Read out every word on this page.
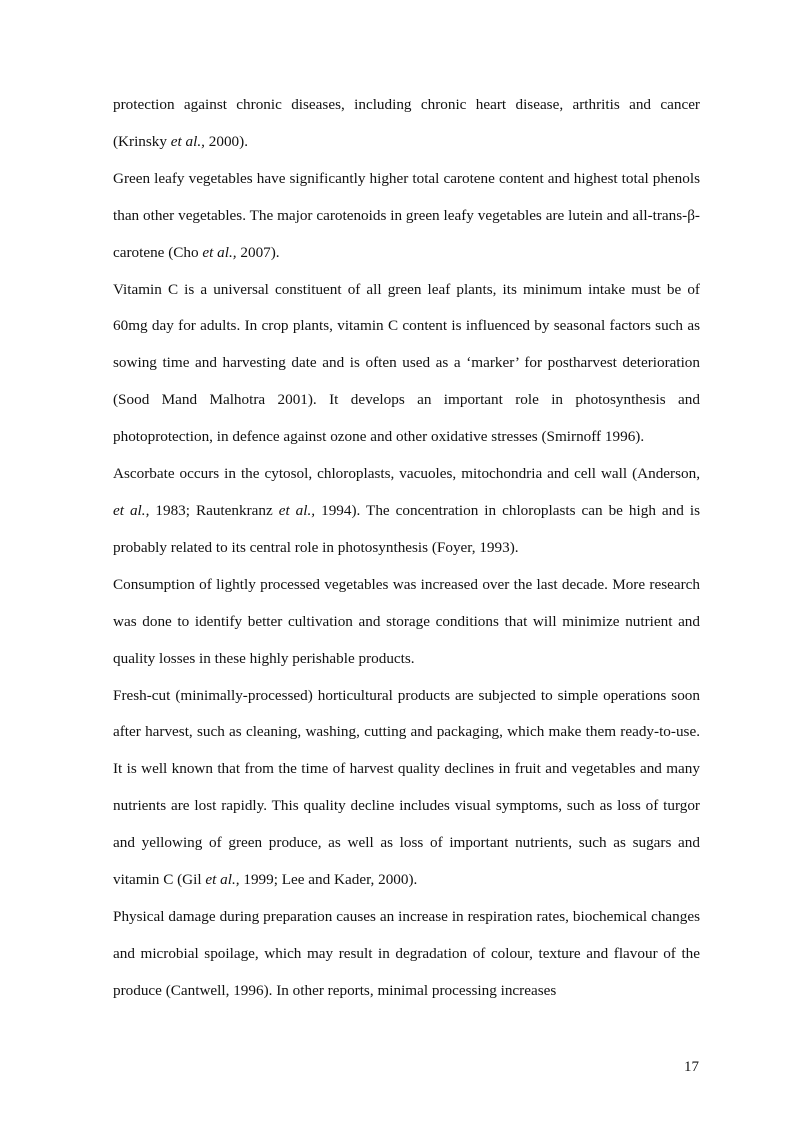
protection against chronic diseases, including chronic heart disease, arthritis and cancer (Krinsky et al., 2000).

Green leafy vegetables have significantly higher total carotene content and highest total phenols than other vegetables. The major carotenoids in green leafy vegetables are lutein and all-trans-β-carotene (Cho et al., 2007).

Vitamin C is a universal constituent of all green leaf plants, its minimum intake must be of 60mg day for adults. In crop plants, vitamin C content is influenced by seasonal factors such as sowing time and harvesting date and is often used as a ‘marker’ for postharvest deterioration (Sood Mand Malhotra 2001). It develops an important role in photosynthesis and photoprotection, in defence against ozone and other oxidative stresses (Smirnoff 1996).

Ascorbate occurs in the cytosol, chloroplasts, vacuoles, mitochondria and cell wall (Anderson, et al., 1983; Rautenkranz et al., 1994). The concentration in chloroplasts can be high and is probably related to its central role in photosynthesis (Foyer, 1993).

Consumption of lightly processed vegetables was increased over the last decade. More research was done to identify better cultivation and storage conditions that will minimize nutrient and quality losses in these highly perishable products.

Fresh-cut (minimally-processed) horticultural products are subjected to simple operations soon after harvest, such as cleaning, washing, cutting and packaging, which make them ready-to-use. It is well known that from the time of harvest quality declines in fruit and vegetables and many nutrients are lost rapidly. This quality decline includes visual symptoms, such as loss of turgor and yellowing of green produce, as well as loss of important nutrients, such as sugars and vitamin C (Gil et al., 1999; Lee and Kader, 2000).

Physical damage during preparation causes an increase in respiration rates, biochemical changes and microbial spoilage, which may result in degradation of colour, texture and flavour of the produce (Cantwell, 1996). In other reports, minimal processing increases

17
